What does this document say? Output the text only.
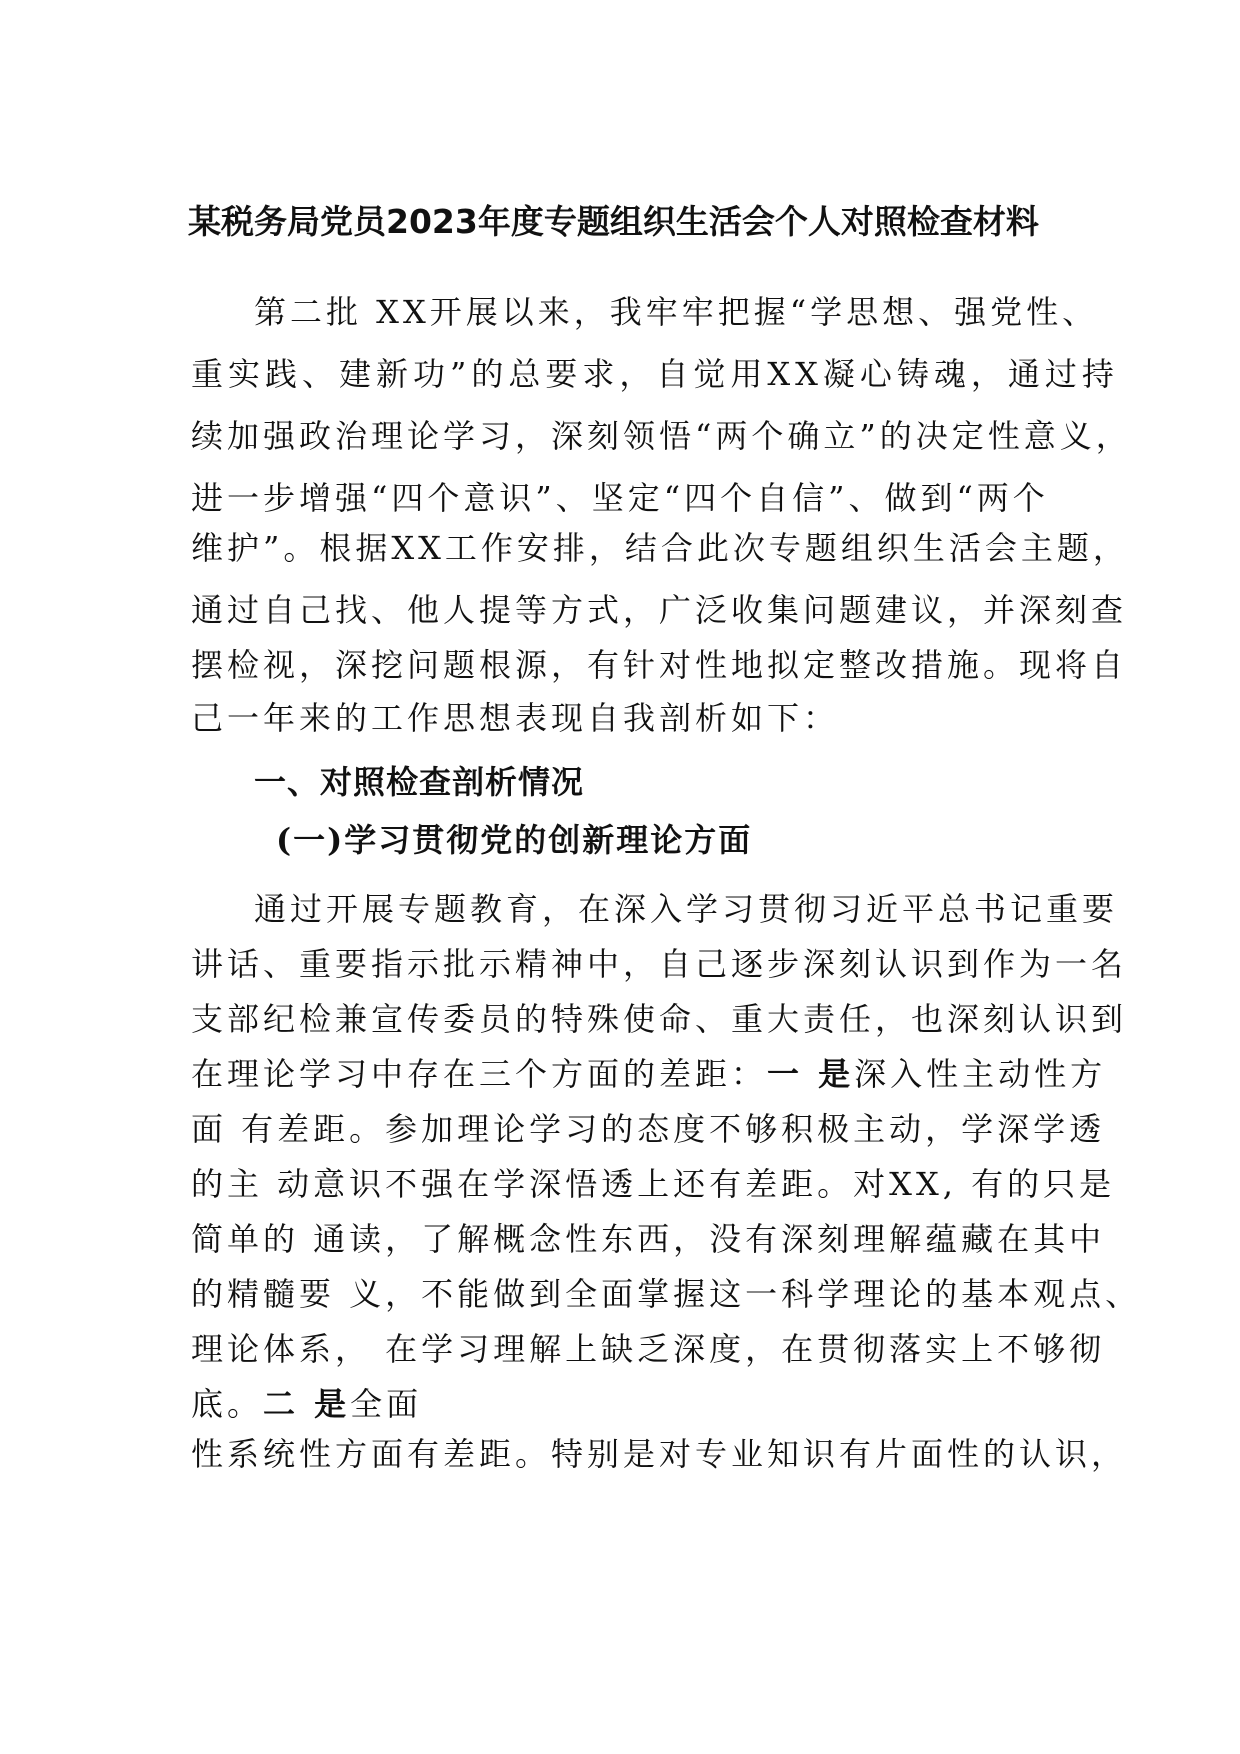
某税务局党员2023年度专题组织生活会个人对照检查材料

第二批 XX开展以来，我牢牢把握“学思想、强党性、

重实践、建新功”的总要求，自觉用XX凝心铸魂，通过持

续加强政治理论学习，深刻领悟“两个确立”的决定性意义，

进一步增强“四个意识”、坚定“四个自信”、做到“两个

维护”。根据XX工作安排，结合此次专题组织生活会主题，

通过自己找、他人提等方式，广泛收集问题建议，并深刻查

摆检视，深挖问题根源，有针对性地拟定整改措施。现将自

己一年来的工作思想表现自我剖析如下：

一、对照检查剖析情况
(一)学习贯彻党的创新理论方面

通过开展专题教育，在深入学习贯彻习近平总书记重要

讲话、重要指示批示精神中，自己逐步深刻认识到作为一名

支部纪检兼宣传委员的特殊使命、重大责任，也深刻认识到

在理论学习中存在三个方面的差距：一 是深入性主动性方

面 有差距。参加理论学习的态度不够积极主动，学深学透

的主 动意识不强在学深悟透上还有差距。对XX, 有的只是

简单的 通读，了解概念性东西，没有深刻理解蕴藏在其中

的精髓要 义，不能做到全面掌握这一科学理论的基本观点、

理论体系， 在学习理解上缺乏深度，在贯彻落实上不够彻

底。二 是全面

性系统性方面有差距。特别是对专业知识有片面性的认识，
